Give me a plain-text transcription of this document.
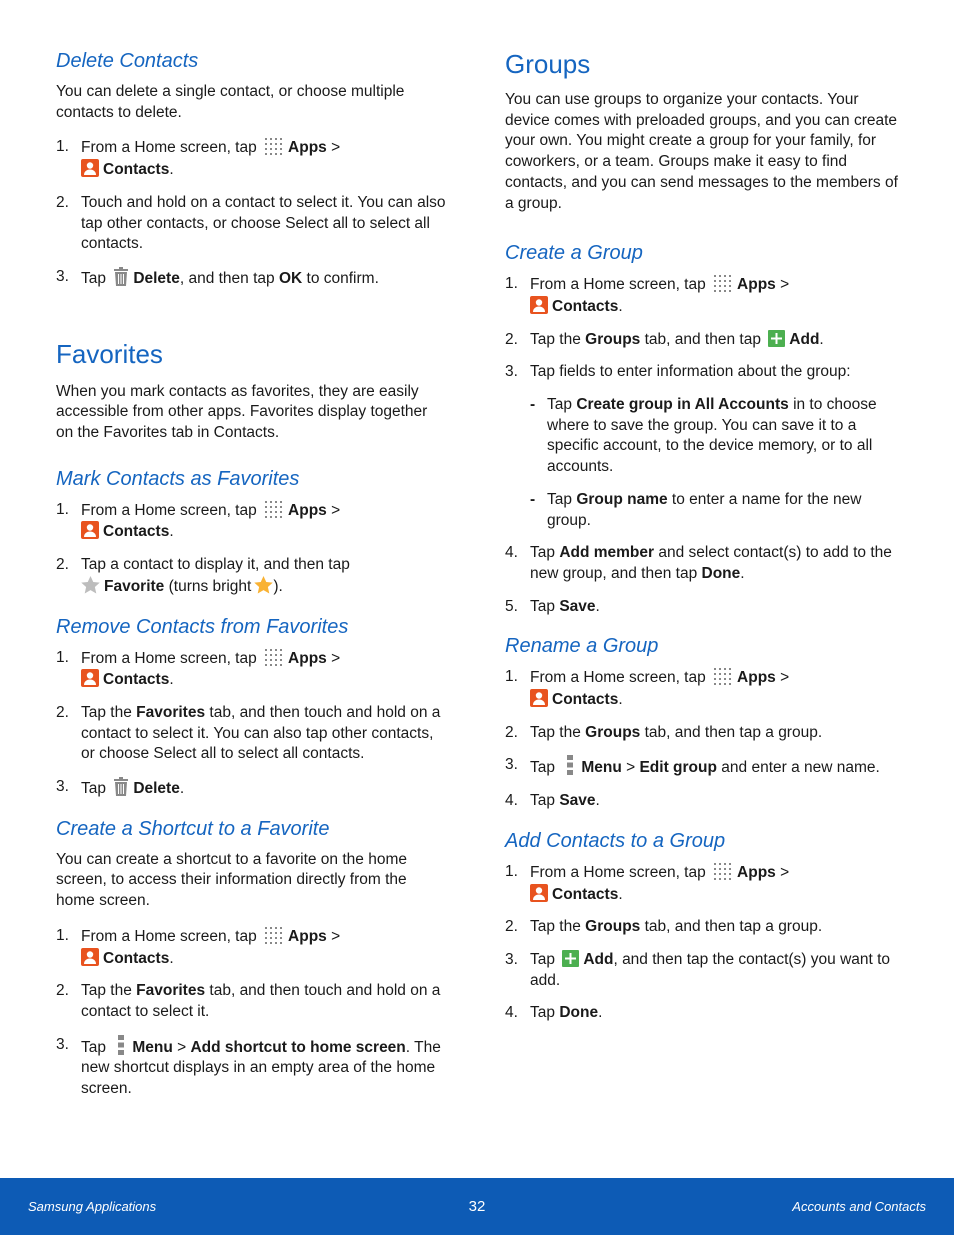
Delete Contacts

You can delete a single contact, or choose multiple contacts to delete.

1. From a Home screen, tap Apps >

Contacts.
2. Touch and hold on a contact to select it. You can also tap other contacts, or choose Select all to select all contacts.
3. Tap Delete, and then tap OK to confirm.
Favorites

When you mark contacts as favorites, they are easily accessible from other apps. Favorites display together on the Favorites tab in Contacts.

Mark Contacts as Favorites
1. From a Home screen, tap Apps >

Contacts.
2. Tap a contact to display it, and then tap

Favorite (turns bright ).
Remove Contacts from Favorites
1. From a Home screen, tap Apps >

Contacts.
2. Tap the Favorites tab, and then touch and hold on a contact to select it. You can also tap other contacts, or choose Select all to select all contacts.
3. Tap Delete.
Create a Shortcut to a Favorite

You can create a shortcut to a favorite on the home screen, to access their information directly from the home screen.

1. From a Home screen, tap Apps >

Contacts.
2. Tap the Favorites tab, and then touch and hold on a contact to select it.
3. Tap Menu > Add shortcut to home screen. The new shortcut displays in an empty area of the home screen.
Groups

You can use groups to organize your contacts. Your device comes with preloaded groups, and you can create your own. You might create a group for your family, for coworkers, or a team. Groups make it easy to find contacts, and you can send messages to the members of a group.

Create a Group
1. From a Home screen, tap Apps >

Contacts.
2. Tap the Groups tab, and then tap Add.
3. Tap fields to enter information about the group:
- Tap Create group in All Accounts in to choose where to save the group. You can save it to a specific account, to the device memory, or to all accounts.
- Tap Group name to enter a name for the new group.
4. Tap Add member and select contact(s) to add to the new group, and then tap Done.
5. Tap Save.
Rename a Group
1. From a Home screen, tap Apps >

Contacts.
2. Tap the Groups tab, and then tap a group.
3. Tap Menu > Edit group and enter a new name.
4. Tap Save.
Add Contacts to a Group
1. From a Home screen, tap Apps >

Contacts.
2. Tap the Groups tab, and then tap a group.
3. Tap Add, and then tap the contact(s) you want to add.
4. Tap Done.
32
Samsung Applications	Accounts and Contacts
